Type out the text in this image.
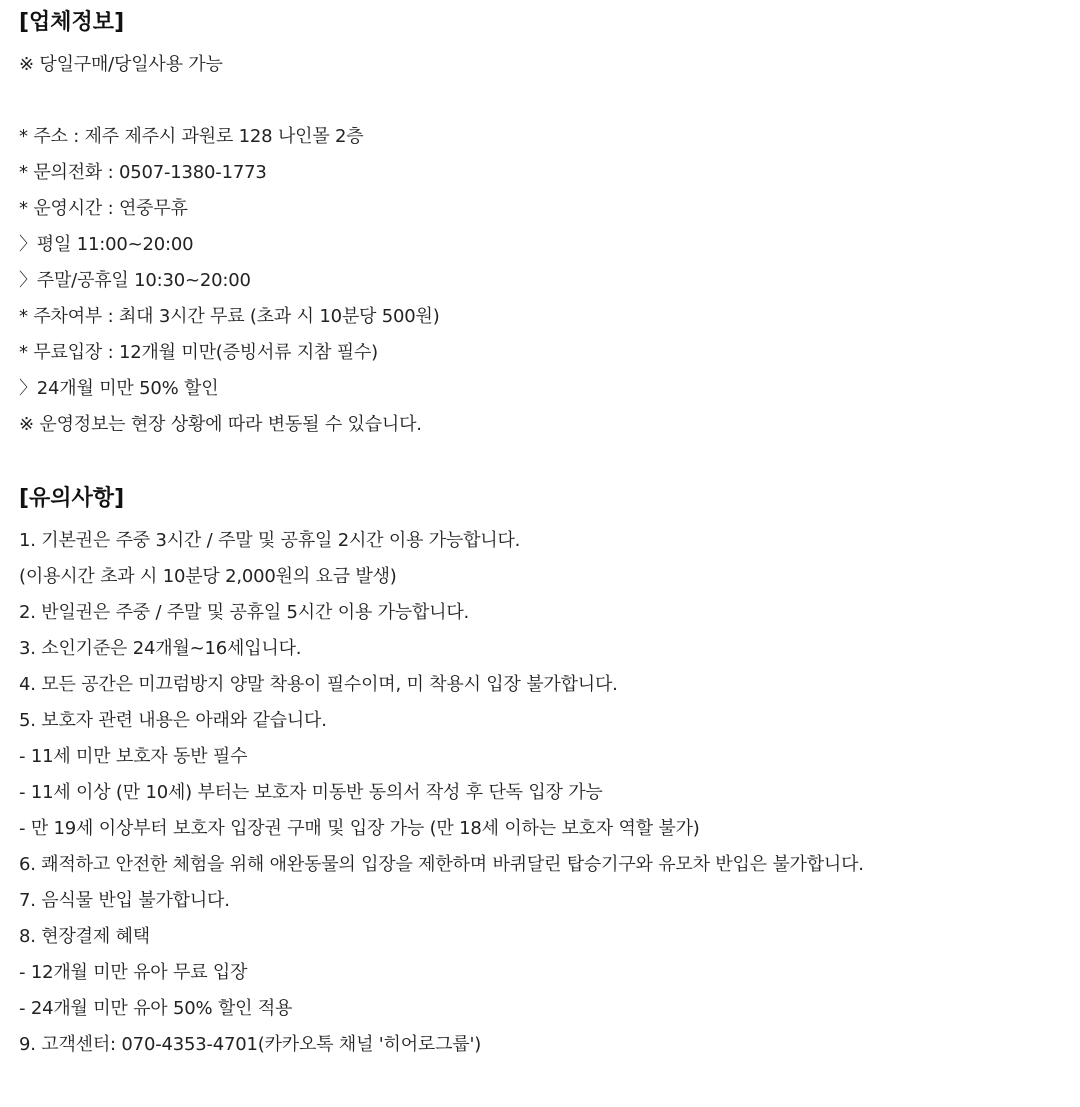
[업체정보]
※ 당일구매/당일사용 가능
* 주소 : 제주 제주시 과원로 128 나인몰 2층
* 문의전화 : 0507-1380-1773
* 운영시간 : 연중무휴
〉평일 11:00~20:00
〉주말/공휴일 10:30~20:00
* 주차여부 : 최대 3시간 무료 (초과 시 10분당 500원)
* 무료입장 : 12개월 미만(증빙서류 지참 필수)
〉24개월 미만 50% 할인
※ 운영정보는 현장 상황에 따라 변동될 수 있습니다.
[유의사항]
1. 기본권은 주중 3시간 / 주말 및 공휴일 2시간 이용 가능합니다.
(이용시간 초과 시 10분당 2,000원의 요금 발생)
2. 반일권은 주중 / 주말 및 공휴일 5시간 이용 가능합니다.
3. 소인기준은 24개월~16세입니다.
4. 모든 공간은 미끄럼방지 양말 착용이 필수이며, 미 착용시 입장 불가합니다.
5. 보호자 관련 내용은 아래와 같습니다.
- 11세 미만 보호자 동반 필수
- 11세 이상 (만 10세) 부터는 보호자 미동반 동의서 작성 후 단독 입장 가능
- 만 19세 이상부터 보호자 입장권 구매 및 입장 가능 (만 18세 이하는 보호자 역할 불가)
6. 쾌적하고 안전한 체험을 위해 애완동물의 입장을 제한하며 바퀴달린 탑승기구와 유모차 반입은 불가합니다.
7. 음식물 반입 불가합니다.
8. 현장결제 혜택
- 12개월 미만 유아 무료 입장
- 24개월 미만 유아 50% 할인 적용
9. 고객센터: 070-4353-4701(카카오톡 채널 '히어로그룹')
